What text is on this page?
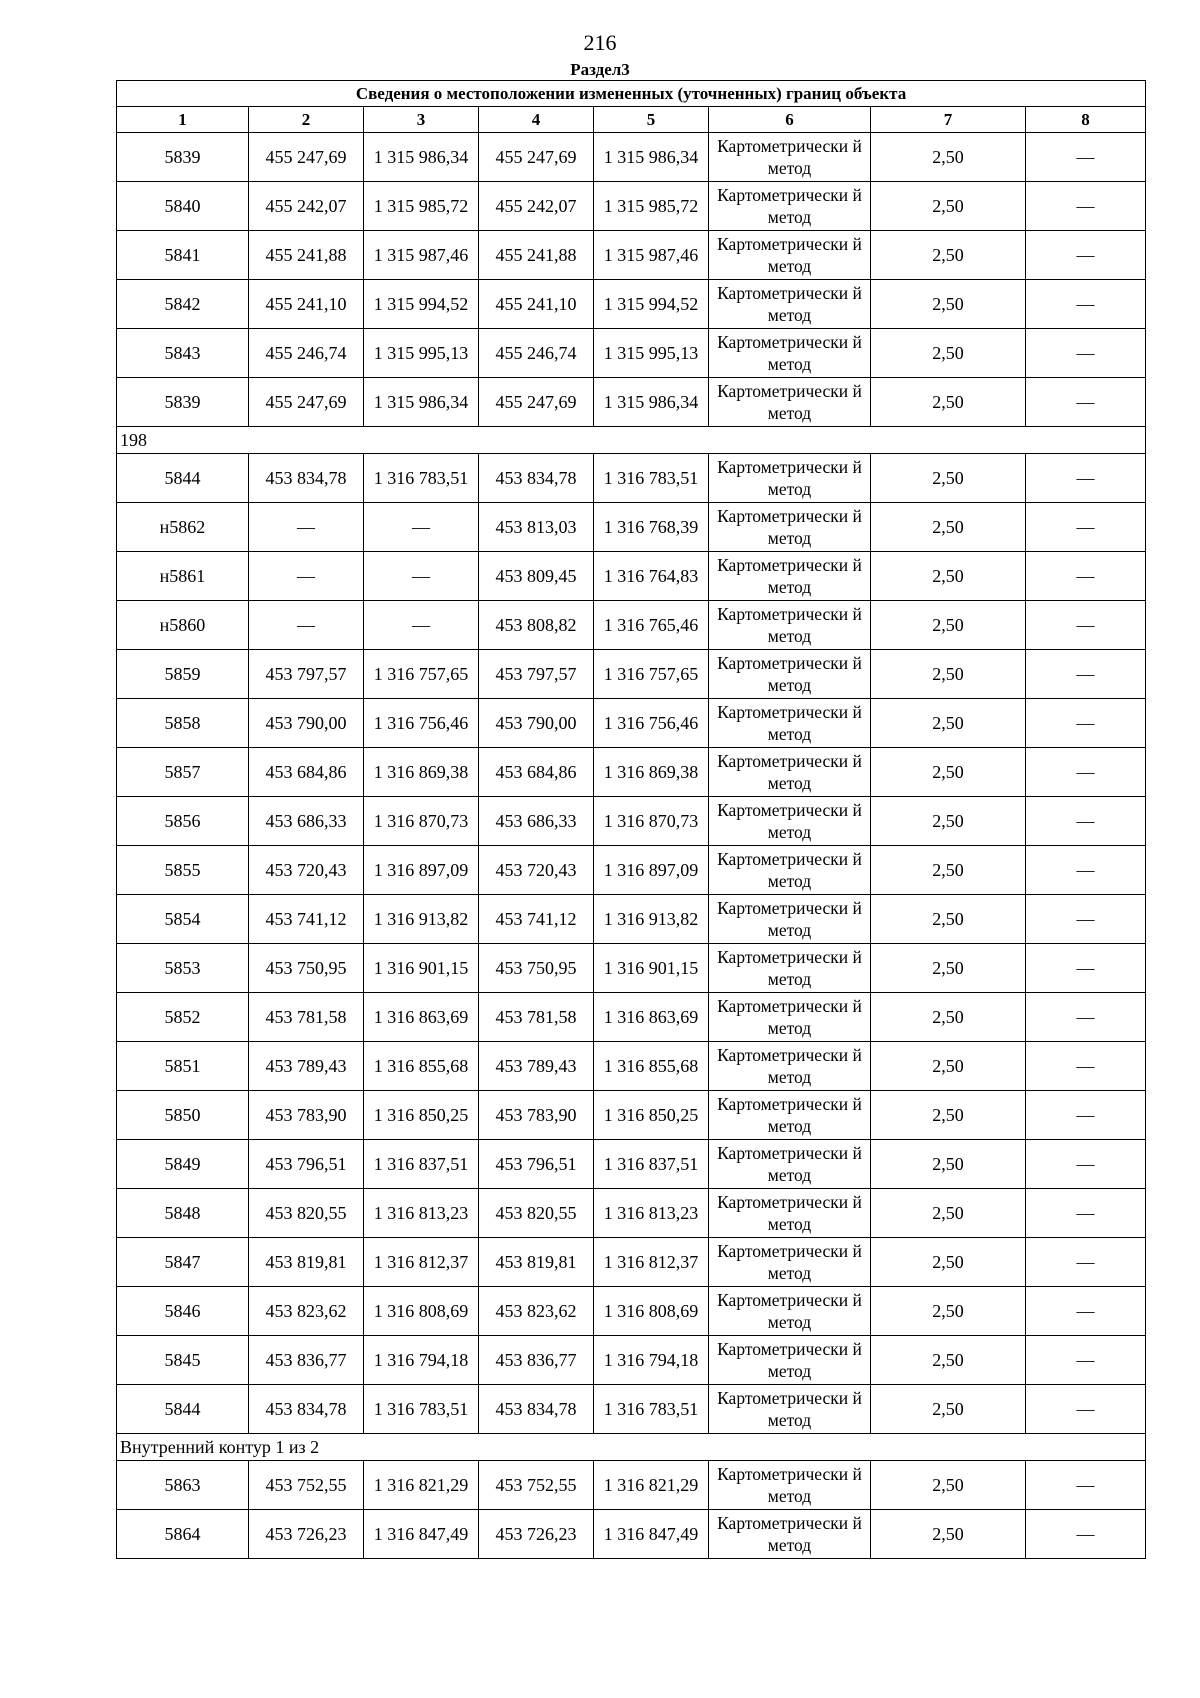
216
Раздел3
Сведения о местоположении измененных (уточненных) границ объекта							
1	2	3	4	5	6	7	8
5839	455 247,69	1 315 986,34	455 247,69	1 315 986,34	Картометрически й метод	2,50	—
5840	455 242,07	1 315 985,72	455 242,07	1 315 985,72	Картометрически й метод	2,50	—
5841	455 241,88	1 315 987,46	455 241,88	1 315 987,46	Картометрически й метод	2,50	—
5842	455 241,10	1 315 994,52	455 241,10	1 315 994,52	Картометрически й метод	2,50	—
5843	455 246,74	1 315 995,13	455 246,74	1 315 995,13	Картометрически й метод	2,50	—
5839	455 247,69	1 315 986,34	455 247,69	1 315 986,34	Картометрически й метод	2,50	—
198							
5844	453 834,78	1 316 783,51	453 834,78	1 316 783,51	Картометрически й метод	2,50	—
н5862	—	—	453 813,03	1 316 768,39	Картометрически й метод	2,50	—
н5861	—	—	453 809,45	1 316 764,83	Картометрически й метод	2,50	—
н5860	—	—	453 808,82	1 316 765,46	Картометрически й метод	2,50	—
5859	453 797,57	1 316 757,65	453 797,57	1 316 757,65	Картометрически й метод	2,50	—
5858	453 790,00	1 316 756,46	453 790,00	1 316 756,46	Картометрически й метод	2,50	—
5857	453 684,86	1 316 869,38	453 684,86	1 316 869,38	Картометрически й метод	2,50	—
5856	453 686,33	1 316 870,73	453 686,33	1 316 870,73	Картометрически й метод	2,50	—
5855	453 720,43	1 316 897,09	453 720,43	1 316 897,09	Картометрически й метод	2,50	—
5854	453 741,12	1 316 913,82	453 741,12	1 316 913,82	Картометрически й метод	2,50	—
5853	453 750,95	1 316 901,15	453 750,95	1 316 901,15	Картометрически й метод	2,50	—
5852	453 781,58	1 316 863,69	453 781,58	1 316 863,69	Картометрически й метод	2,50	—
5851	453 789,43	1 316 855,68	453 789,43	1 316 855,68	Картометрически й метод	2,50	—
5850	453 783,90	1 316 850,25	453 783,90	1 316 850,25	Картометрически й метод	2,50	—
5849	453 796,51	1 316 837,51	453 796,51	1 316 837,51	Картометрически й метод	2,50	—
5848	453 820,55	1 316 813,23	453 820,55	1 316 813,23	Картометрически й метод	2,50	—
5847	453 819,81	1 316 812,37	453 819,81	1 316 812,37	Картометрически й метод	2,50	—
5846	453 823,62	1 316 808,69	453 823,62	1 316 808,69	Картометрически й метод	2,50	—
5845	453 836,77	1 316 794,18	453 836,77	1 316 794,18	Картометрически й метод	2,50	—
5844	453 834,78	1 316 783,51	453 834,78	1 316 783,51	Картометрически й метод	2,50	—
Внутренний контур 1 из 2							
5863	453 752,55	1 316 821,29	453 752,55	1 316 821,29	Картометрически й метод	2,50	—
5864	453 726,23	1 316 847,49	453 726,23	1 316 847,49	Картометрически й метод	2,50	—
